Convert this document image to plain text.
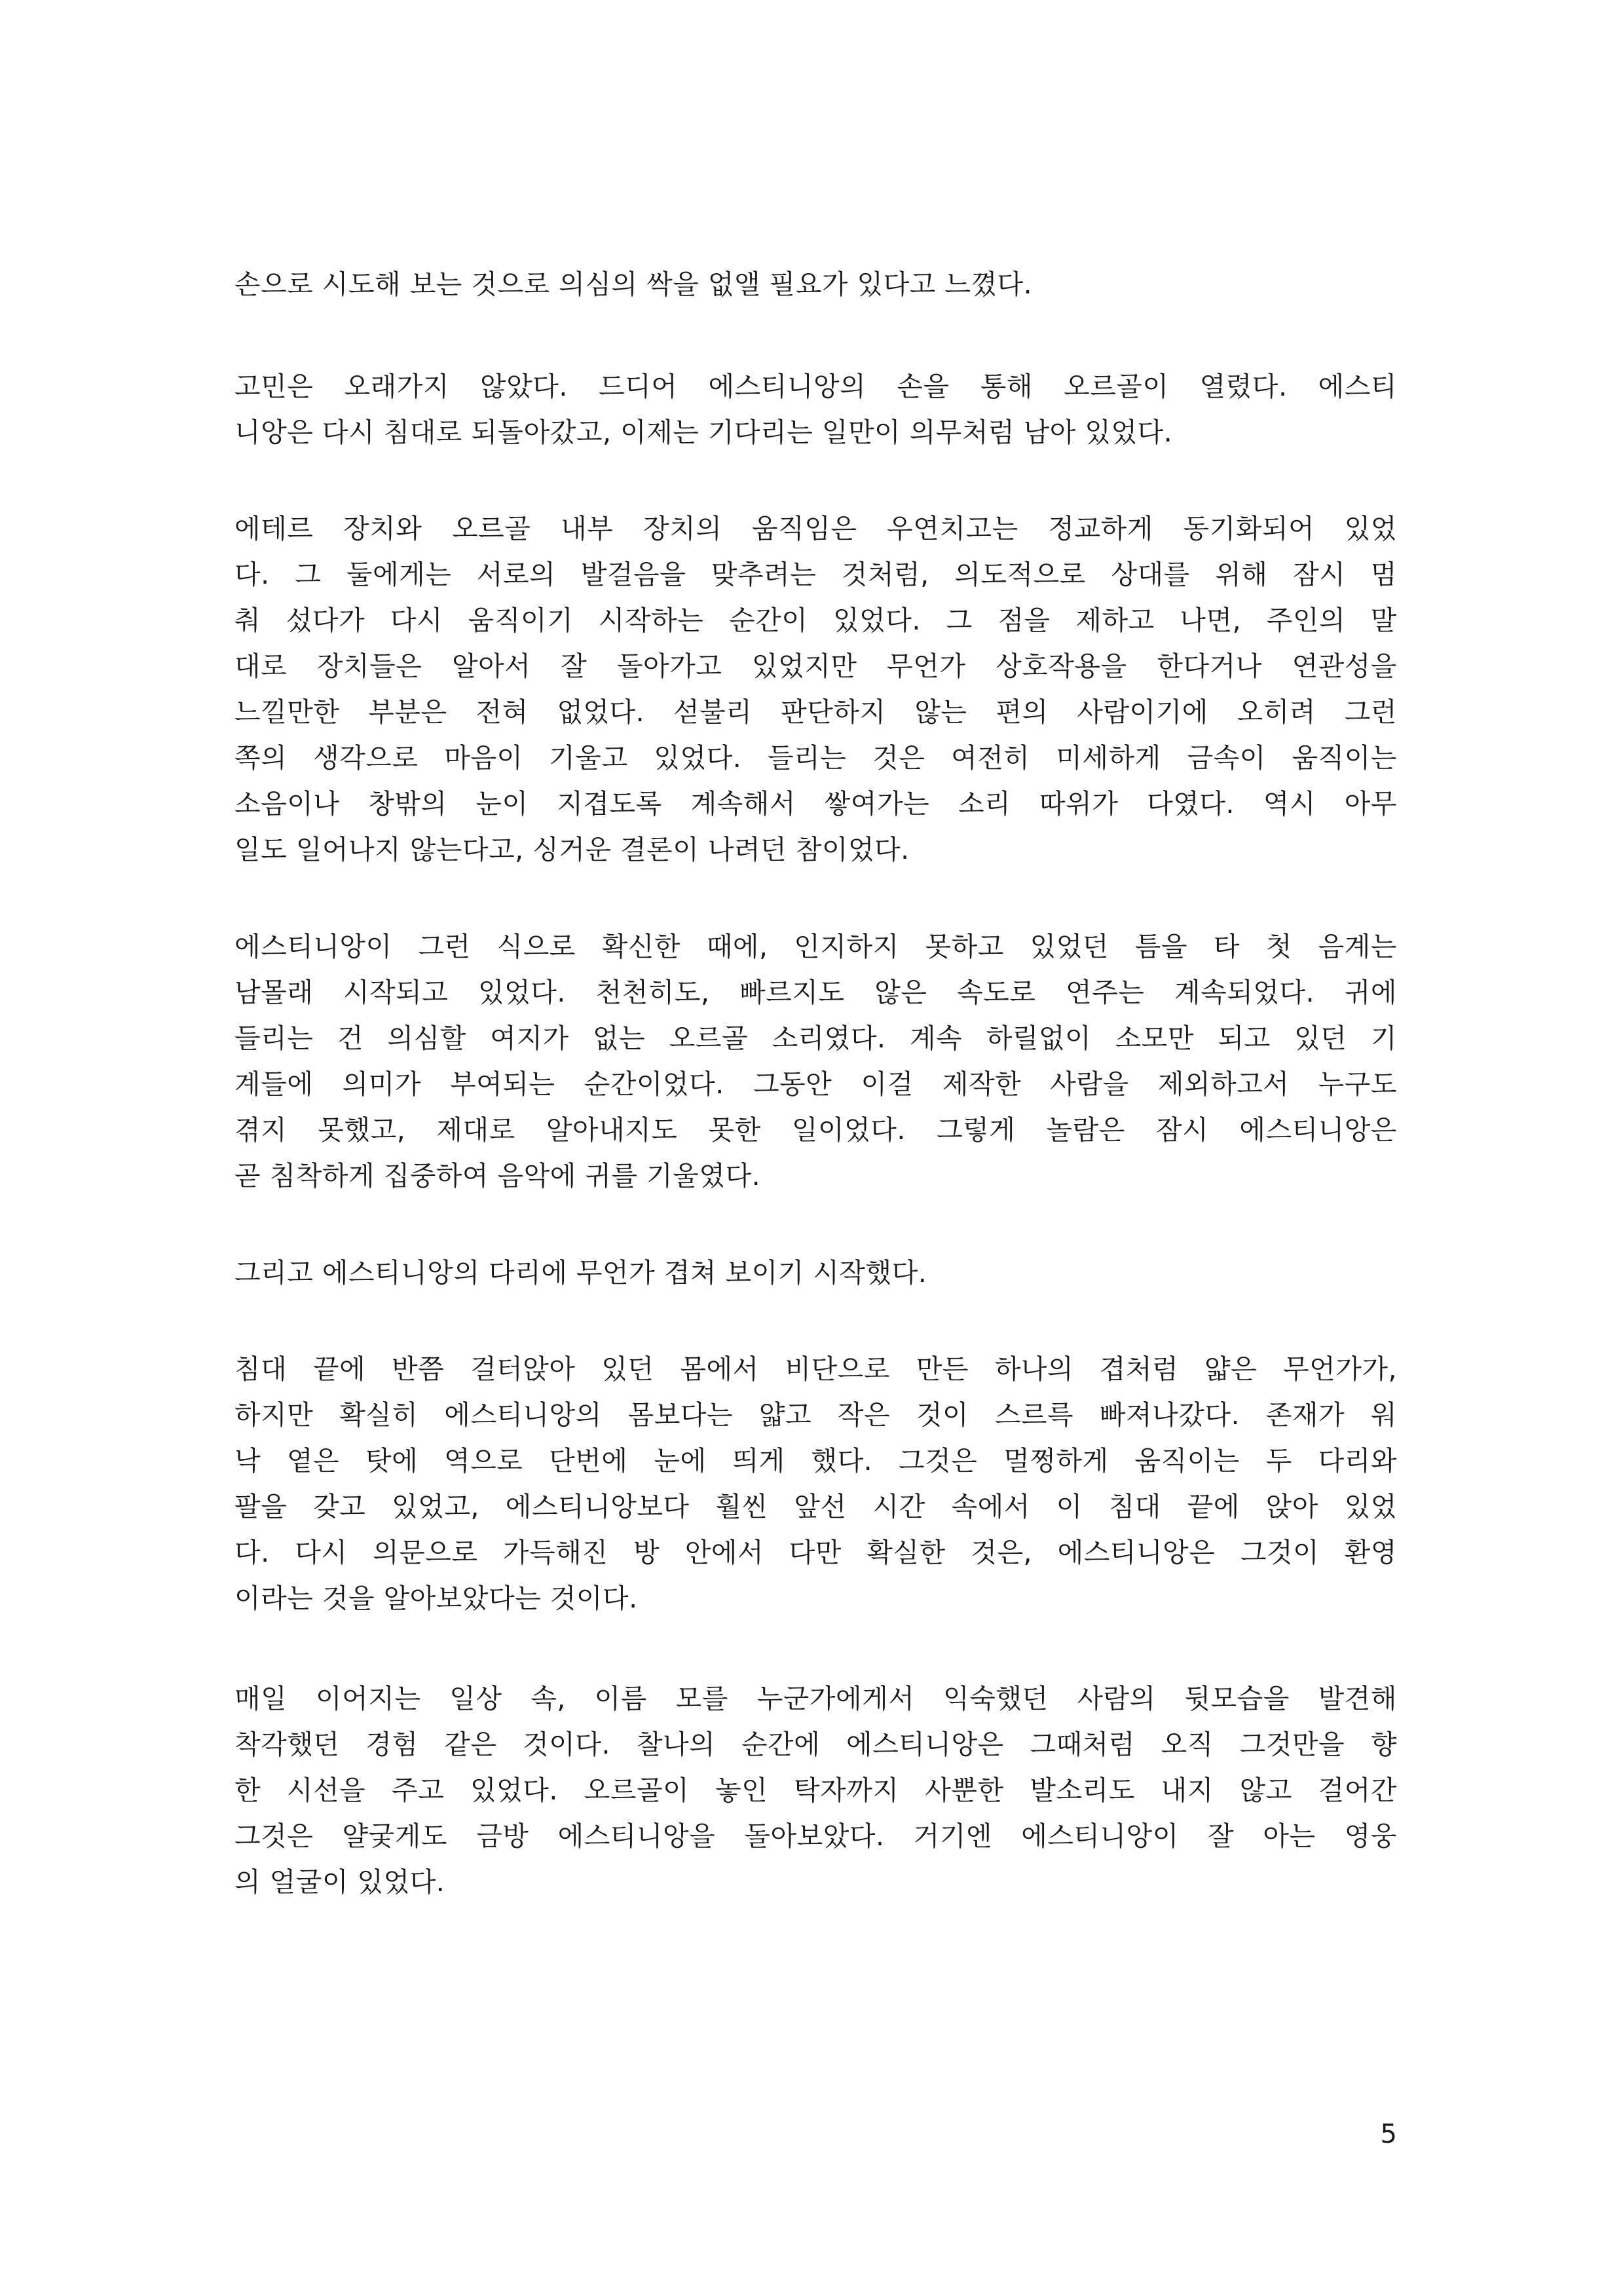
손으로 시도해 보는 것으로 의심의 싹을 없앨 필요가 있다고 느꼈다.
고민은 오래가지 않았다. 드디어 에스티니앙의 손을 통해 오르골이 열렸다. 에스티
니앙은 다시 침대로 되돌아갔고, 이제는 기다리는 일만이 의무처럼 남아 있었다.
에테르 장치와 오르골 내부 장치의 움직임은 우연치고는 정교하게 동기화되어 있었
다. 그 둘에게는 서로의 발걸음을 맞추려는 것처럼, 의도적으로 상대를 위해 잠시 멈
춰 섰다가 다시 움직이기 시작하는 순간이 있었다. 그 점을 제하고 나면, 주인의 말
대로 장치들은 알아서 잘 돌아가고 있었지만 무언가 상호작용을 한다거나 연관성을
느낄만한 부분은 전혀 없었다. 섣불리 판단하지 않는 편의 사람이기에 오히려 그런
쪽의 생각으로 마음이 기울고 있었다. 들리는 것은 여전히 미세하게 금속이 움직이는
소음이나 창밖의 눈이 지겹도록 계속해서 쌓여가는 소리 따위가 다였다. 역시 아무
일도 일어나지 않는다고, 싱거운 결론이 나려던 참이었다.
에스티니앙이 그런 식으로 확신한 때에, 인지하지 못하고 있었던 틈을 타 첫 음계는
남몰래 시작되고 있었다. 천천히도, 빠르지도 않은 속도로 연주는 계속되었다. 귀에
들리는 건 의심할 여지가 없는 오르골 소리였다. 계속 하릴없이 소모만 되고 있던 기
계들에 의미가 부여되는 순간이었다. 그동안 이걸 제작한 사람을 제외하고서 누구도
겪지 못했고, 제대로 알아내지도 못한 일이었다. 그렇게 놀람은 잠시 에스티니앙은
곧 침착하게 집중하여 음악에 귀를 기울였다.
그리고 에스티니앙의 다리에 무언가 겹쳐 보이기 시작했다.
침대 끝에 반쯤 걸터앉아 있던 몸에서 비단으로 만든 하나의 겹처럼 얇은 무언가가,
하지만 확실히 에스티니앙의 몸보다는 얇고 작은 것이 스르륵 빠져나갔다. 존재가 워
낙 옅은 탓에 역으로 단번에 눈에 띄게 했다. 그것은 멀쩡하게 움직이는 두 다리와
팔을 갖고 있었고, 에스티니앙보다 훨씬 앞선 시간 속에서 이 침대 끝에 앉아 있었
다. 다시 의문으로 가득해진 방 안에서 다만 확실한 것은, 에스티니앙은 그것이 환영
이라는 것을 알아보았다는 것이다.
매일 이어지는 일상 속, 이름 모를 누군가에게서 익숙했던 사람의 뒷모습을 발견해
착각했던 경험 같은 것이다. 찰나의 순간에 에스티니앙은 그때처럼 오직 그것만을 향
한 시선을 주고 있었다. 오르골이 놓인 탁자까지 사뿐한 발소리도 내지 않고 걸어간
그것은 얄궂게도 금방 에스티니앙을 돌아보았다. 거기엔 에스티니앙이 잘 아는 영웅
의 얼굴이 있었다.
5
